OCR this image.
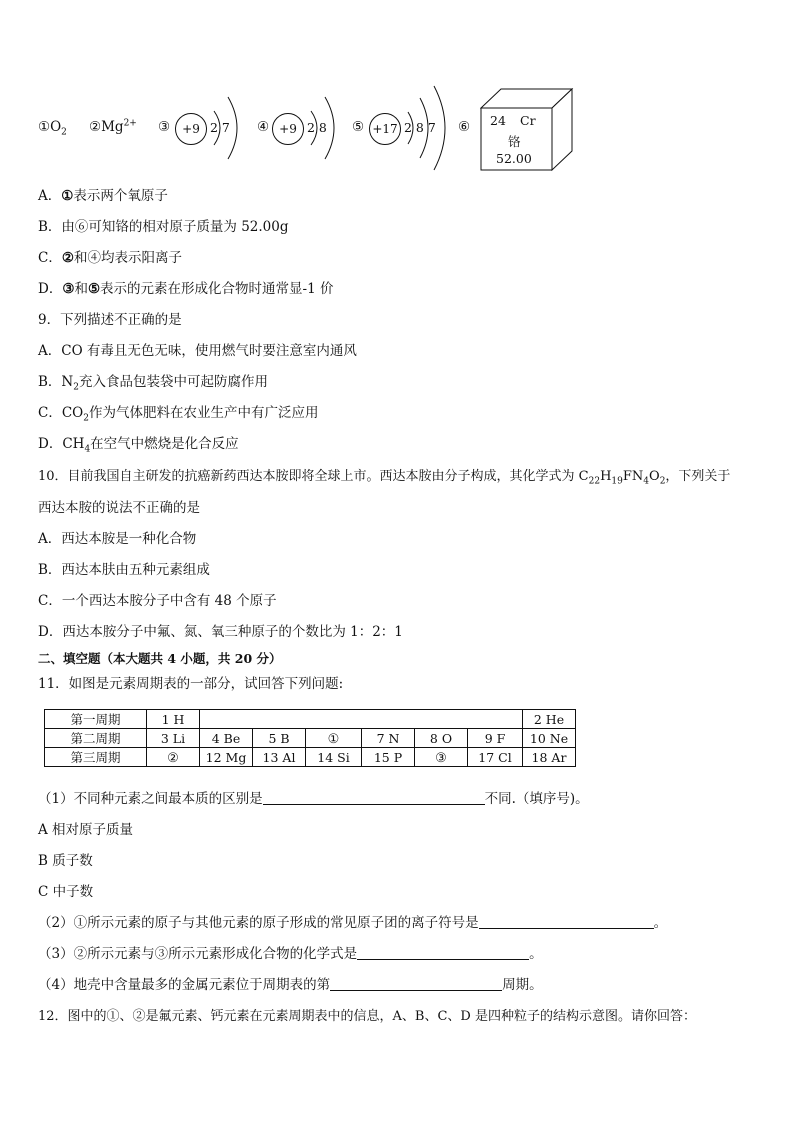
$①O_2$ $②Mg^{2+}$ ③	+9 2 7 ④ +9 2 8 ⑤ +17 2 8 7 ⑥ 24 Cr
铬
52.00
A．①表示两个氧原子
B．由⑥可知铬的相对原子质量为 52.00g
C．②和④均表示阳离子
D．③和⑤表示的元素在形成化合物时通常显-1 价
9．下列描述不正确的是
A．CO 有毒且无色无味，使用燃气时要注意室内通风
B．$N_2$充入食品包装袋中可起防腐作用
C．$CO_2$作为气体肥料在农业生产中有广泛应用
D．$CH_4$在空气中燃烧是化合反应
10．目前我国自主研发的抗癌新药西达本胺即将全球上市。西达本胺由分子构成，其化学式为 $C_{22}H_{19}FN_4O_2$，下列关于
西达本胺的说法不正确的是
A．西达本胺是一种化合物
B．西达本肤由五种元素组成
C．一个西达本胺分子中含有 48 个原子
D．西达本胺分子中氟、氮、氧三种原子的个数比为 1：2：1
二、填空题（本大题共 4 小题，共 20 分）
11．如图是元素周期表的一部分，试回答下列问题:
第一周期	1 H							2 He
第二周期	3 Li	4 Be	5 B	①	7 N	8 O	9 F	10 Ne
第三周期	②	12 Mg	13 Al	14 Si	15 P	③	17 Cl	18 Ar
（1）不同种元素之间最本质的区别是	不同.（填序号)。
A 相对原子质量
B 质子数
C 中子数
（2）①所示元素的原子与其他元素的原子形成的常见原子团的离子符号是	。
（3）②所示元素与③所示元素形成化合物的化学式是	。
（4）地壳中含量最多的金属元素位于周期表的第	周期。
12．图中的①、②是氟元素、钙元素在元素周期表中的信息，A、B、C、D 是四种粒子的结构示意图。请你回答：
